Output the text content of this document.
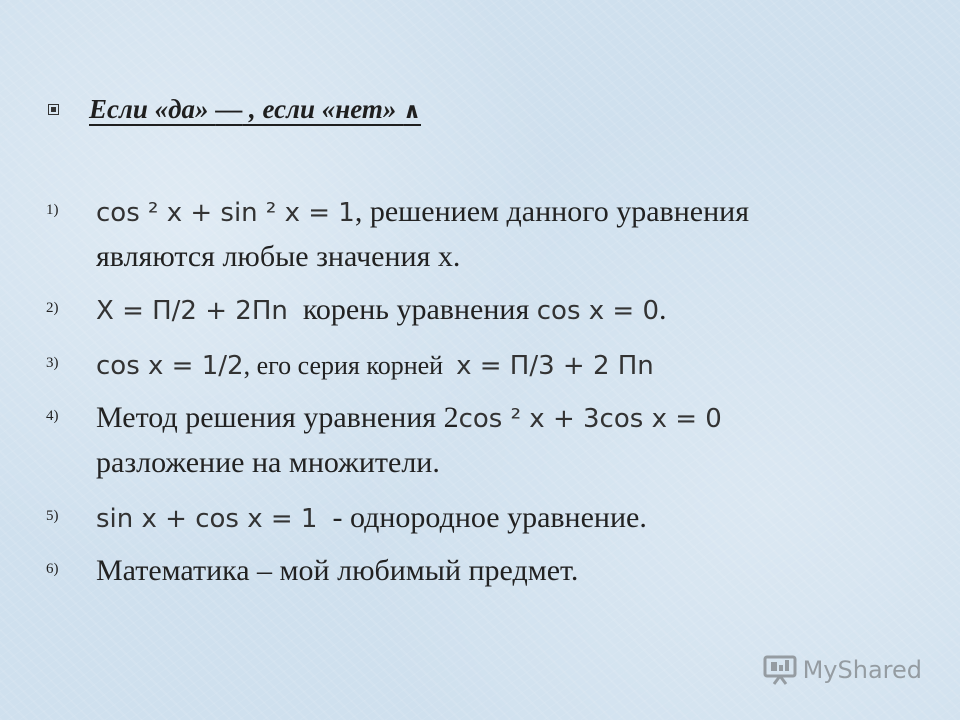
Если «да» — , если «нет» ∧
1)	cos ² x + sin ² x = 1, решением данного уравнения
являются любые значения x.
2)	X = П/2 + 2Пn  корень уравнения cos x = 0.
3)	cos x = 1/2, его серия корней  x = П/3 + 2 Пn
4)	Метод решения уравнения 2cos ² x + 3cos x = 0
разложение на множители.
5)	sin x + cos x = 1  - однородное уравнение.
6)	Математика – мой любимый предмет.
MyShared
